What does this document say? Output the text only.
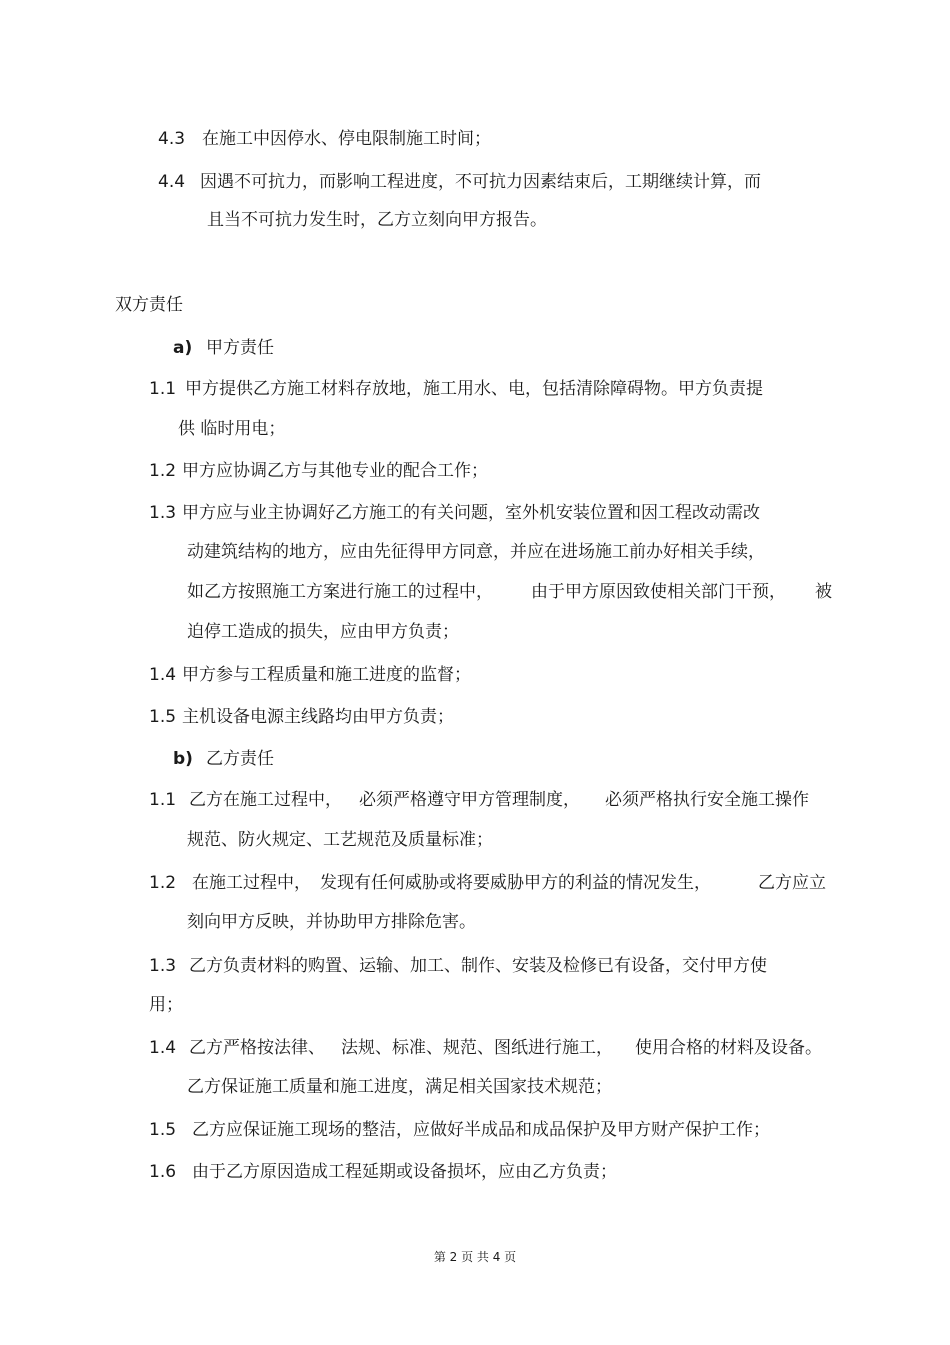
4.3 在施工中因停水、停电限制施工时间；
4.4 因遇不可抗力，而影响工程进度，不可抗力因素结束后，工期继续计算，而
且当不可抗力发生时，乙方立刻向甲方报告。
双方责任
a) 甲方责任
1.1 甲方提供乙方施工材料存放地，施工用水、电，包括清除障碍物。甲方负责提
供 临时用电；
1.2 甲方应协调乙方与其他专业的配合工作；
1.3 甲方应与业主协调好乙方施工的有关问题，室外机安装位置和因工程改动需改
动建筑结构的地方，应由先征得甲方同意，并应在进场施工前办好相关手续，
如乙方按照施工方案进行施工的过程中， 由于甲方原因致使相关部门干预， 被
迫停工造成的损失，应由甲方负责；
1.4 甲方参与工程质量和施工进度的监督；
1.5 主机设备电源主线路均由甲方负责；
b) 乙方责任
1.1 乙方在施工过程中， 必须严格遵守甲方管理制度， 必须严格执行安全施工操作
规范、防火规定、工艺规范及质量标准；
1.2 在施工过程中， 发现有任何威胁或将要威胁甲方的利益的情况发生，	乙方应立
刻向甲方反映，并协助甲方排除危害。
1.3 乙方负责材料的购置、运输、加工、制作、安装及检修已有设备，交付甲方使
用；
1.4 乙方严格按法律、 法规、标准、规范、图纸进行施工， 使用合格的材料及设备。
乙方保证施工质量和施工进度，满足相关国家技术规范；
1.5 乙方应保证施工现场的整洁，应做好半成品和成品保护及甲方财产保护工作；
1.6 由于乙方原因造成工程延期或设备损坏，应由乙方负责；
第 2 页 共 4 页
